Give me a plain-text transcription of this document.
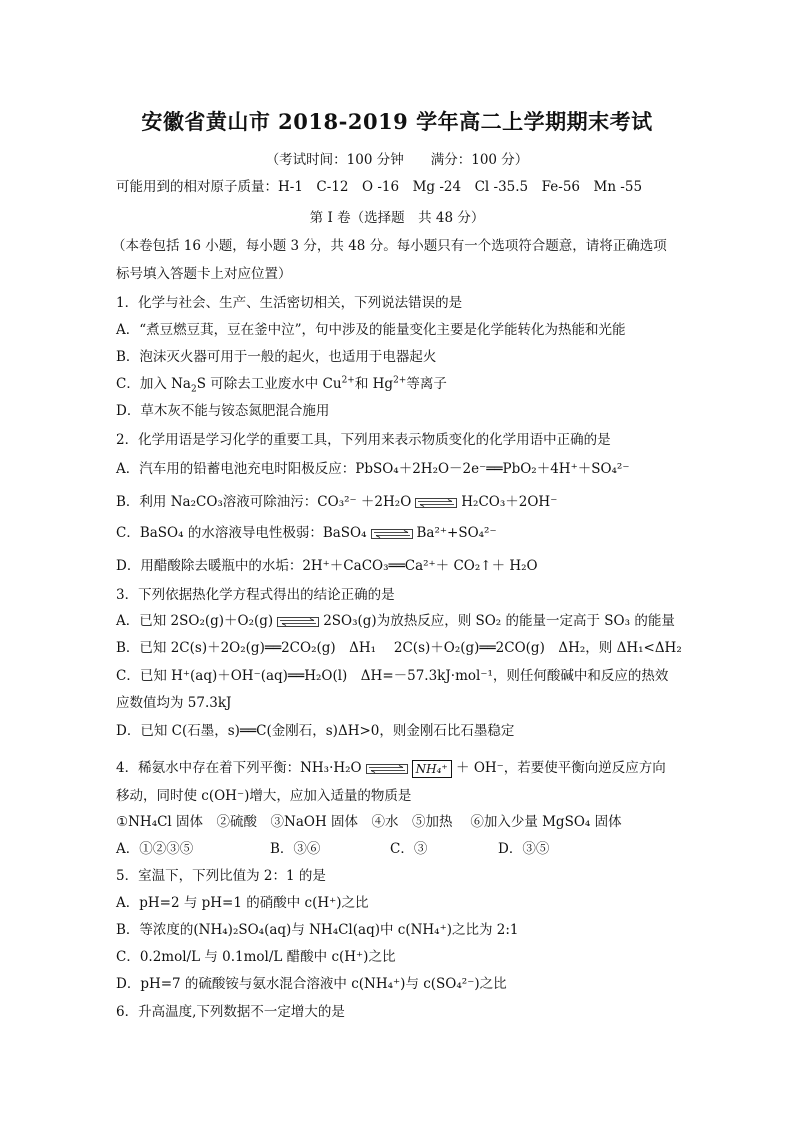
安徽省黄山市 2018-2019 学年高二上学期期末考试
（考试时间：100 分钟　　满分：100 分）
可能用到的相对原子质量：H-1　C-12　O -16　Mg -24　Cl -35.5　Fe-56　Mn -55
第 I 卷（选择题　共 48 分）
（本卷包括 16 小题，每小题 3 分，共 48 分。每小题只有一个选项符合题意，请将正确选项
标号填入答题卡上对应位置）
1．化学与社会、生产、生活密切相关，下列说法错误的是
A．“煮豆燃豆萁，豆在釜中泣”，句中涉及的能量变化主要是化学能转化为热能和光能
B．泡沫灭火器可用于一般的起火，也适用于电器起火
C．加入 $Na_2S$ 可除去工业废水中 $Cu^{2+}$和 $Hg^{2+}$等离子
D．草木灰不能与铵态氮肥混合施用
2．化学用语是学习化学的重要工具，下列用来表示物质变化的化学用语中正确的是
A．汽车用的铅蓄电池充电时阳极反应：PbSO₄＋2H₂O－2e⁻══PbO₂＋4H⁺＋SO₄²⁻
B．利用 Na₂CO₃溶液可除油污：CO₃²⁻ ＋2H₂O	H₂CO₃＋2OH⁻
C．BaSO₄ 的水溶液导电性极弱：BaSO₄	Ba²⁺+SO₄²⁻
D．用醋酸除去暖瓶中的水垢：2H⁺＋CaCO₃══Ca²⁺＋ CO₂↑＋ H₂O
3．下列依据热化学方程式得出的结论正确的是
A．已知 2SO₂(g)＋O₂(g)	2SO₃(g)为放热反应，则 SO₂ 的能量一定高于 SO₃ 的能量
B．已知 2C(s)＋2O₂(g)══2CO₂(g)　ΔH₁　 2C(s)＋O₂(g)══2CO(g)　ΔH₂，则 ΔH₁<ΔH₂
C．已知 H⁺(aq)＋OH⁻(aq)══H₂O(l)　ΔH=－57.3kJ·mol⁻¹，则任何酸碱中和反应的热效
应数值均为 57.3kJ
D．已知 C(石墨，s)══C(金刚石，s)ΔH>0，则金刚石比石墨稳定
4．稀氨水中存在着下列平衡：NH₃·H₂O	NH₄⁺ ＋ OH⁻，若要使平衡向逆反应方向
移动，同时使 c(OH⁻)增大，应加入适量的物质是
①NH₄Cl 固体　②硫酸　③NaOH 固体　④水　⑤加热　 ⑥加入少量 MgSO₄ 固体
A．①②③⑤	B．③⑥	C．③	D．③⑤
5．室温下，下列比值为 2：1 的是
A．pH=2 与 pH=1 的硝酸中 c(H⁺)之比
B．等浓度的(NH₄)₂SO₄(aq)与 NH₄Cl(aq)中 c(NH₄⁺)之比为 2:1
C．0.2mol/L 与 0.1mol/L 醋酸中 c(H⁺)之比
D．pH=7 的硫酸铵与氨水混合溶液中 c(NH₄⁺)与 c(SO₄²⁻)之比
6．升高温度,下列数据不一定增大的是
